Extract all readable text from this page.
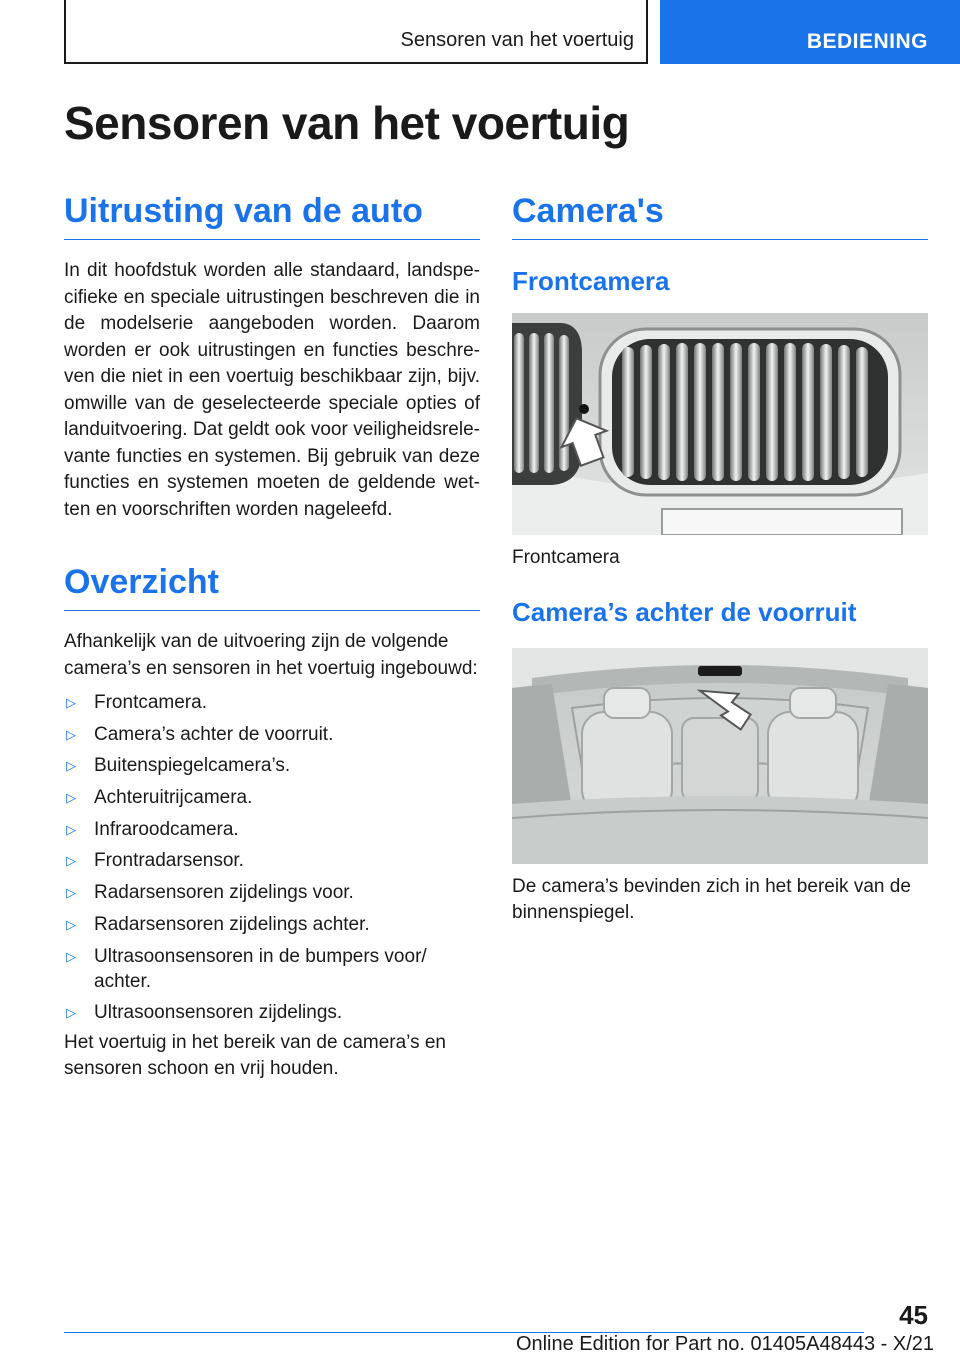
Sensoren van het voertuig	BEDIENING
Sensoren van het voertuig
Uitrusting van de auto

In dit hoofdstuk worden alle standaard, landspecifieke en speciale uitrustingen beschreven die in de modelserie aangeboden worden. Daarom worden er ook uitrustingen en functies beschreven die niet in een voertuig beschikbaar zijn, bijv. omwille van de geselecteerde speciale opties of landuitvoering. Dat geldt ook voor veiligheidsrelevante functies en systemen. Bij gebruik van deze functies en systemen moeten de geldende wetten en voorschriften worden nageleefd.

Overzicht

Afhankelijk van de uitvoering zijn de volgende camera’s en sensoren in het voertuig ingebouwd:

▷ Frontcamera.
▷ Camera’s achter de voorruit.
▷ Buitenspiegelcamera’s.
▷ Achteruitrijcamera.
▷ Infraroodcamera.
▷ Frontradarsensor.
▷ Radarsensoren zijdelings voor.
▷ Radarsensoren zijdelings achter.
▷ Ultrasoonsensoren in de bumpers voor/ achter.
▷ Ultrasoonsensoren zijdelings.

Het voertuig in het bereik van de camera’s en sensoren schoon en vrij houden.

Camera's
Frontcamera

Frontcamera

Camera’s achter de voorruit

De camera’s bevinden zich in het bereik van de binnenspiegel.

45
Online Edition for Part no. 01405A48443 - X/21
